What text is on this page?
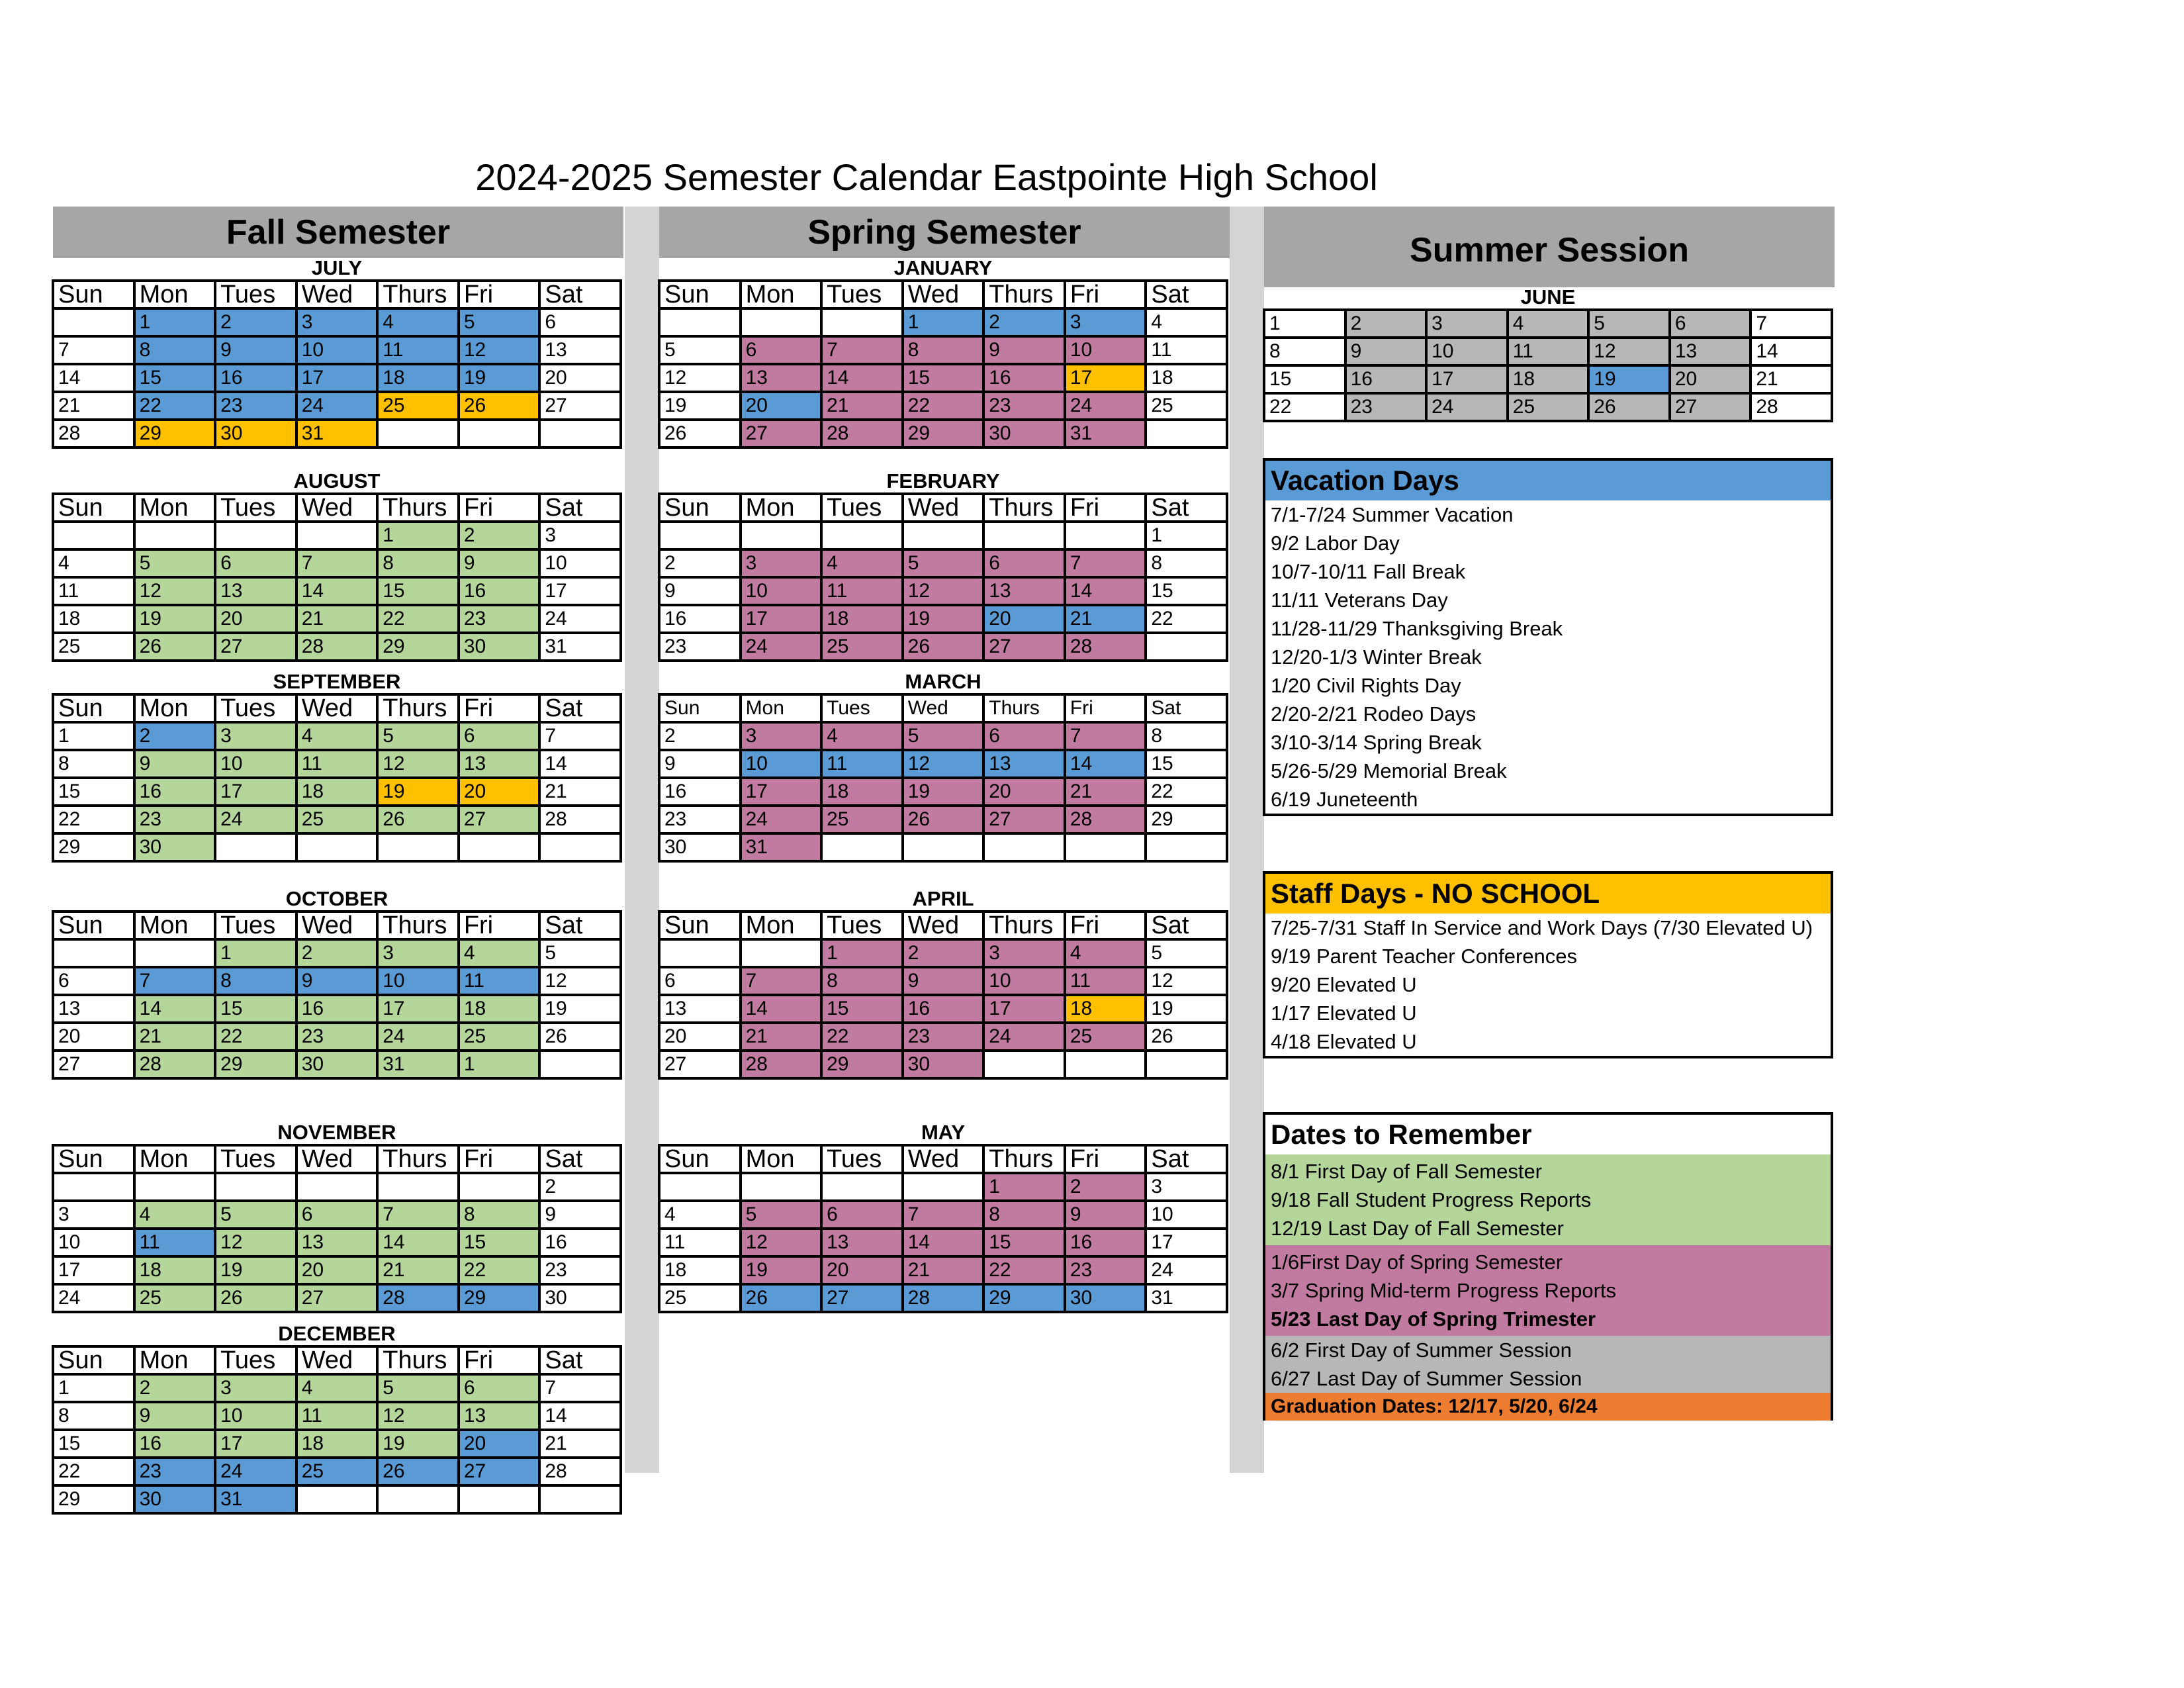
2024-2025 Semester Calendar Eastpointe High School
Fall Semester	Spring Semester	Summer Session
JULY
Sun	Mon	Tues	Wed	Thurs	Fri	Sat
	1	2	3	4	5	6
7	8	9	10	11	12	13
14	15	16	17	18	19	20
21	22	23	24	25	26	27
28	29	30	31			
AUGUST
Sun	Mon	Tues	Wed	Thurs	Fri	Sat
				1	2	3
4	5	6	7	8	9	10
11	12	13	14	15	16	17
18	19	20	21	22	23	24
25	26	27	28	29	30	31
SEPTEMBER
Sun	Mon	Tues	Wed	Thurs	Fri	Sat
1	2	3	4	5	6	7
8	9	10	11	12	13	14
15	16	17	18	19	20	21
22	23	24	25	26	27	28
29	30					
OCTOBER
Sun	Mon	Tues	Wed	Thurs	Fri	Sat
		1	2	3	4	5
6	7	8	9	10	11	12
13	14	15	16	17	18	19
20	21	22	23	24	25	26
27	28	29	30	31	1	
NOVEMBER
Sun	Mon	Tues	Wed	Thurs	Fri	Sat
						2
3	4	5	6	7	8	9
10	11	12	13	14	15	16
17	18	19	20	21	22	23
24	25	26	27	28	29	30
DECEMBER
Sun	Mon	Tues	Wed	Thurs	Fri	Sat
1	2	3	4	5	6	7
8	9	10	11	12	13	14
15	16	17	18	19	20	21
22	23	24	25	26	27	28
29	30	31				
JANUARY
Sun	Mon	Tues	Wed	Thurs	Fri	Sat
			1	2	3	4
5	6	7	8	9	10	11
12	13	14	15	16	17	18
19	20	21	22	23	24	25
26	27	28	29	30	31	
FEBRUARY
Sun	Mon	Tues	Wed	Thurs	Fri	Sat
						1
2	3	4	5	6	7	8
9	10	11	12	13	14	15
16	17	18	19	20	21	22
23	24	25	26	27	28	
MARCH
Sun	Mon	Tues	Wed	Thurs	Fri	Sat
2	3	4	5	6	7	8
9	10	11	12	13	14	15
16	17	18	19	20	21	22
23	24	25	26	27	28	29
30	31					
APRIL
Sun	Mon	Tues	Wed	Thurs	Fri	Sat
		1	2	3	4	5
6	7	8	9	10	11	12
13	14	15	16	17	18	19
20	21	22	23	24	25	26
27	28	29	30			
MAY
Sun	Mon	Tues	Wed	Thurs	Fri	Sat
				1	2	3
4	5	6	7	8	9	10
11	12	13	14	15	16	17
18	19	20	21	22	23	24
25	26	27	28	29	30	31
JUNE
1	2	3	4	5	6	7
8	9	10	11	12	13	14
15	16	17	18	19	20	21
22	23	24	25	26	27	28
Vacation Days
7/1-7/24 Summer Vacation
9/2 Labor Day
10/7-10/11 Fall Break
11/11 Veterans Day
11/28-11/29 Thanksgiving Break
12/20-1/3 Winter Break
1/20 Civil Rights Day
2/20-2/21 Rodeo Days
3/10-3/14 Spring Break
5/26-5/29 Memorial Break
6/19 Juneteenth
Staff Days - NO SCHOOL
7/25-7/31 Staff In Service and Work Days (7/30 Elevated U)
9/19 Parent Teacher Conferences
9/20 Elevated U
1/17 Elevated U
4/18 Elevated U
Dates to Remember
8/1 First Day of Fall Semester
9/18 Fall Student Progress Reports
12/19 Last Day of Fall Semester
1/6First Day of Spring Semester
3/7 Spring Mid-term Progress Reports
5/23 Last Day of Spring Trimester
6/2 First Day of Summer Session
6/27 Last Day of Summer Session
Graduation Dates: 12/17, 5/20, 6/24
